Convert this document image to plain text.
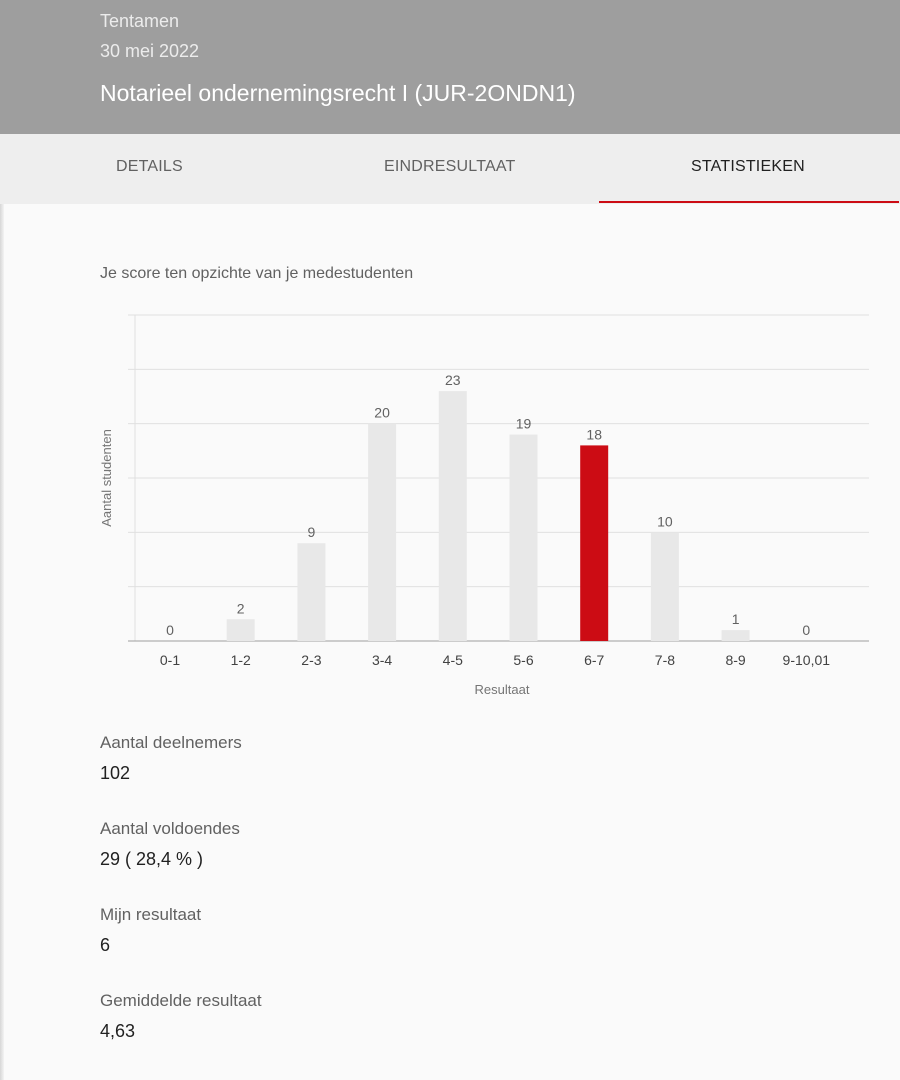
Tentamen
30 mei 2022
Notarieel ondernemingsrecht I (JUR-2ONDN1)
DETAILS	EINDRESULTAAT	STATISTIEKEN
Je score ten opzichte van je medestudenten
0
0-1
2
1-2
9
2-3
20
3-4
23
4-5
19
5-6
18
6-7
10
7-8
1
8-9
0
9-10,01
Aantal studenten
Resultaat
Aantal deelnemers
102
Aantal voldoendes
29 ( 28,4 % )
Mijn resultaat
6
Gemiddelde resultaat
4,63
